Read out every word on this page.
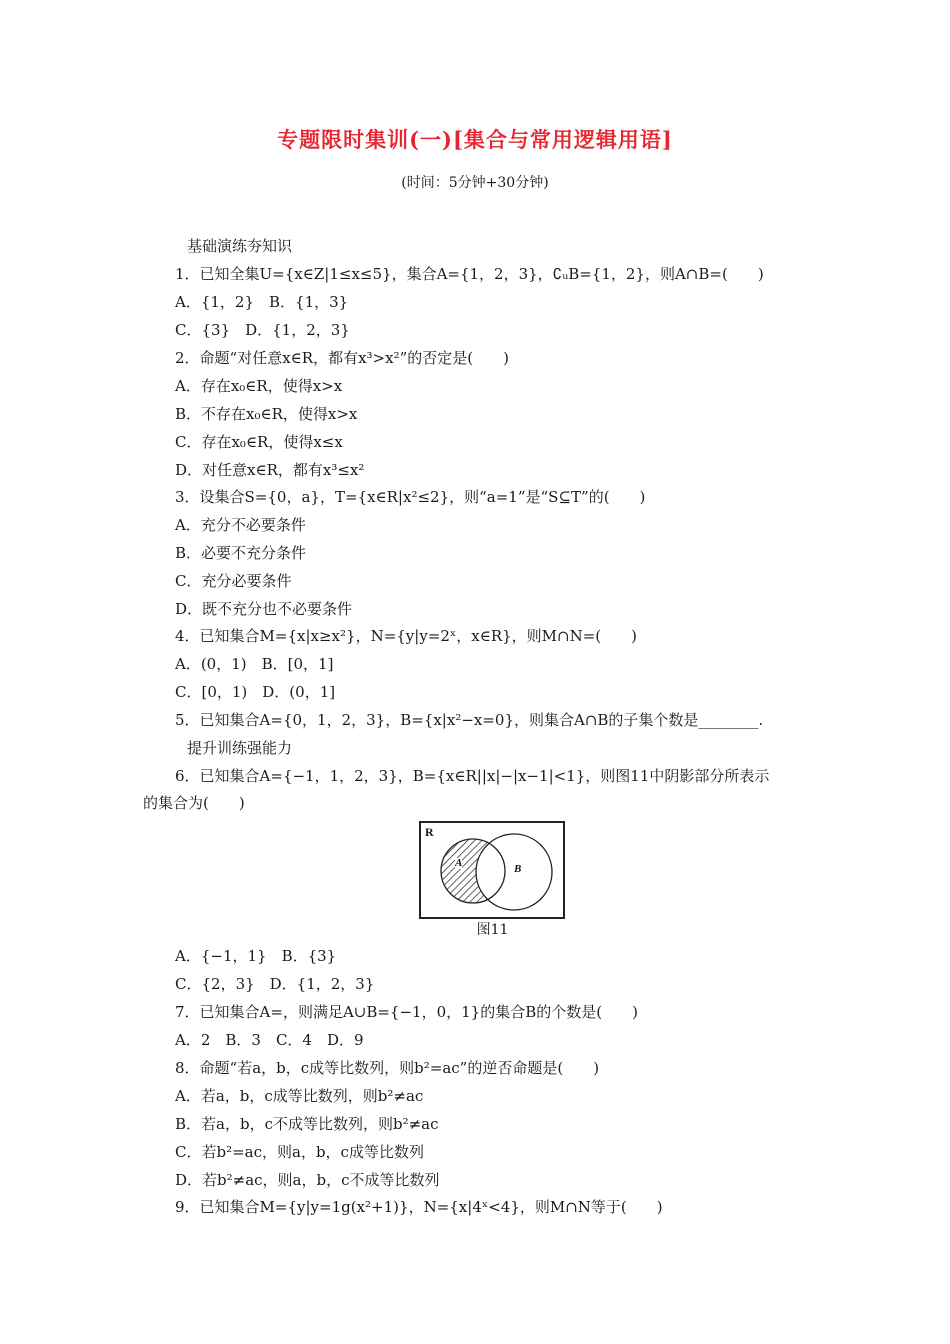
专题限时集训(一)[集合与常用逻辑用语]
(时间：5分钟+30分钟)
基础演练夯知识
1．已知全集U={x∈Z|1≤x≤5}，集合A={1，2，3}，∁ᵤB={1，2}，则A∩B=(　　)
A．{1，2}　B．{1，3}
C．{3}　D．{1，2，3}
2．命题“对任意x∈R，都有x³>x²”的否定是(　　)
A．存在x₀∈R，使得x>x
B．不存在x₀∈R，使得x>x
C．存在x₀∈R，使得x≤x
D．对任意x∈R，都有x³≤x²
3．设集合S={0，a}，T={x∈R|x²≤2}，则“a=1”是“S⊆T”的(　　)
A．充分不必要条件
B．必要不充分条件
C．充分必要条件
D．既不充分也不必要条件
4．已知集合M={x|x≥x²}，N={y|y=2ˣ，x∈R}，则M∩N=(　　)
A．(0，1)　B．[0，1]
C．[0，1)　D．(0，1]
5．已知集合A={0，1，2，3}，B={x|x²−x=0}，则集合A∩B的子集个数是________.
提升训练强能力
6．已知集合A={−1，1，2，3}，B={x∈R||x|−|x−1|<1}，则图11中阴影部分所表示
的集合为(　　)
R
A	B
图11
A．{−1，1}　B．{3}
C．{2，3}　D．{1，2，3}
7．已知集合A=，则满足A∪B={−1，0，1}的集合B的个数是(　　)
A．2　B．3　C．4　D．9
8．命题“若a，b，c成等比数列，则b²=ac”的逆否命题是(　　)
A．若a，b，c成等比数列，则b²≠ac
B．若a，b，c不成等比数列，则b²≠ac
C．若b²=ac，则a，b，c成等比数列
D．若b²≠ac，则a，b，c不成等比数列
9．已知集合M={y|y=1g(x²+1)}，N={x|4ˣ<4}，则M∩N等于(　　)
